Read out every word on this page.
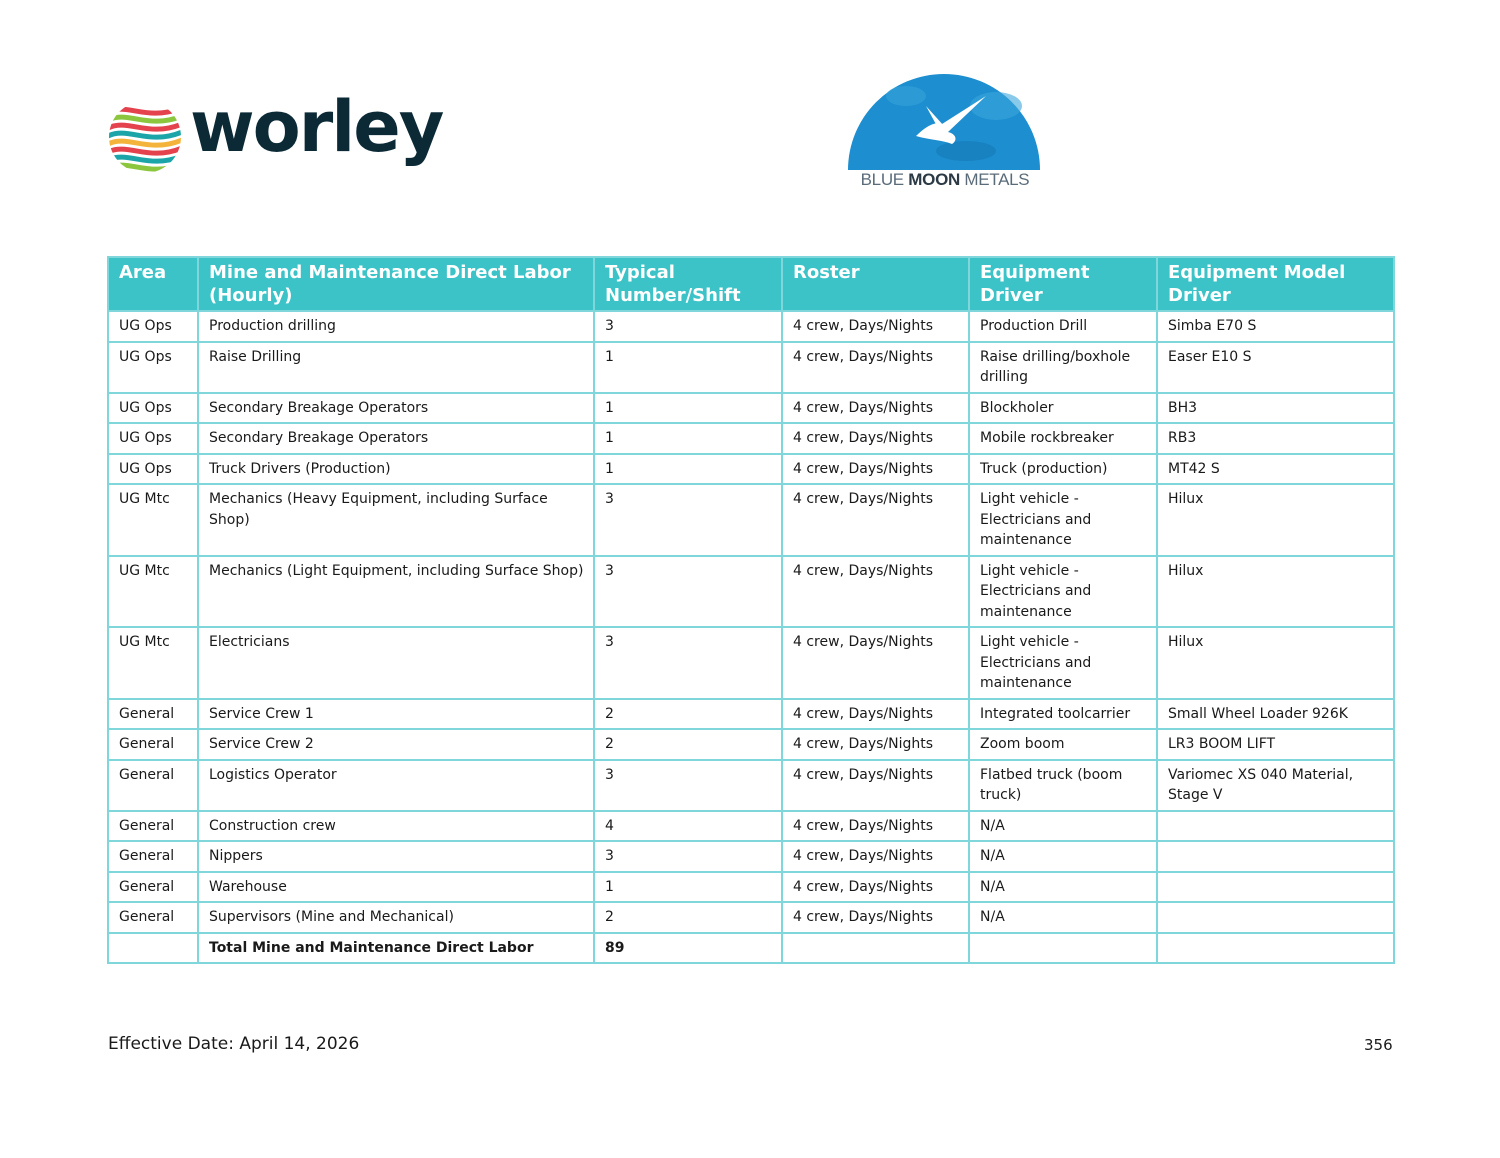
worley
BLUE MOON METALS
Area	Mine and Maintenance Direct Labor (Hourly)	Typical Number/Shift	Roster	Equipment Driver	Equipment Model Driver
UG Ops	Production drilling	3	4 crew, Days/Nights	Production Drill	Simba E70 S
UG Ops	Raise Drilling	1	4 crew, Days/Nights	Raise drilling/boxhole drilling	Easer E10 S
UG Ops	Secondary Breakage Operators	1	4 crew, Days/Nights	Blockholer	BH3
UG Ops	Secondary Breakage Operators	1	4 crew, Days/Nights	Mobile rockbreaker	RB3
UG Ops	Truck Drivers (Production)	1	4 crew, Days/Nights	Truck (production)	MT42 S
UG Mtc	Mechanics (Heavy Equipment, including Surface Shop)	3	4 crew, Days/Nights	Light vehicle - Electricians and maintenance	Hilux
UG Mtc	Mechanics (Light Equipment, including Surface Shop)	3	4 crew, Days/Nights	Light vehicle - Electricians and maintenance	Hilux
UG Mtc	Electricians	3	4 crew, Days/Nights	Light vehicle - Electricians and maintenance	Hilux
General	Service Crew 1	2	4 crew, Days/Nights	Integrated toolcarrier	Small Wheel Loader 926K
General	Service Crew 2	2	4 crew, Days/Nights	Zoom boom	LR3 BOOM LIFT
General	Logistics Operator	3	4 crew, Days/Nights	Flatbed truck (boom truck)	Variomec XS 040 Material, Stage V
General	Construction crew	4	4 crew, Days/Nights	N/A	
General	Nippers	3	4 crew, Days/Nights	N/A	
General	Warehouse	1	4 crew, Days/Nights	N/A	
General	Supervisors (Mine and Mechanical)	2	4 crew, Days/Nights	N/A	
	Total Mine and Maintenance Direct Labor	89			
Effective Date: April 14, 2026	356
